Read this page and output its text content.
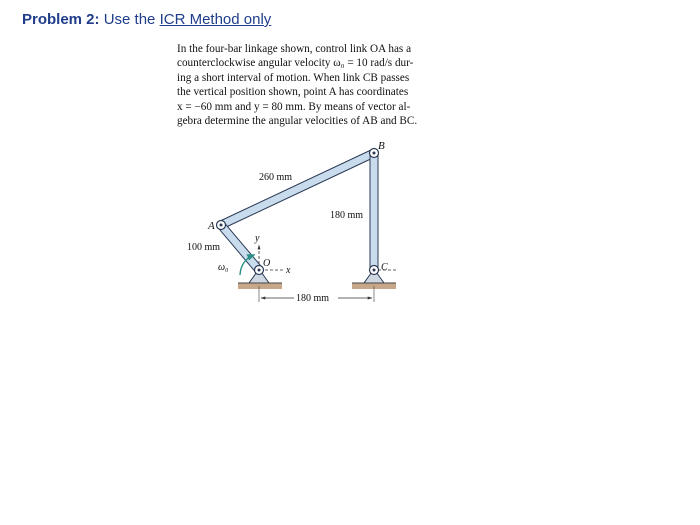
Problem 2: Use the ICR Method only
In the four-bar linkage shown, control link OA has a
counterclockwise angular velocity ω₀ = 10 rad/s dur-
ing a short interval of motion. When link CB passes
the vertical position shown, point A has coordinates
x = −60 mm and y = 80 mm. By means of vector al-
gebra determine the angular velocities of AB and BC.
A
B
C
O
x
y
ω₀
260 mm
180 mm
100 mm
180 mm
